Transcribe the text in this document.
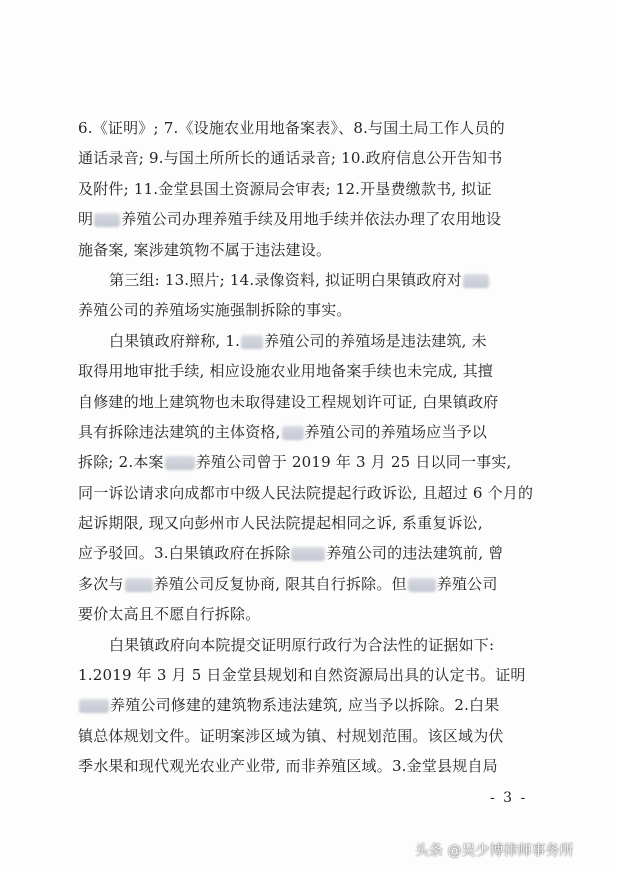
6.《证明》; 7.《设施农业用地备案表》、8.与国土局工作人员的
通话录音; 9.与国土所所长的通话录音; 10.政府信息公开告知书
及附件; 11.金堂县国土资源局会审表; 12.开垦费缴款书, 拟证
明 养殖公司办理养殖手续及用地手续并依法办理了农用地设
施备案, 案涉建筑物不属于违法建设。
第三组: 13.照片; 14.录像资料, 拟证明白果镇政府对
养殖公司的养殖场实施强制拆除的事实。
白果镇政府辩称, 1. 养殖公司的养殖场是违法建筑, 未
取得用地审批手续, 相应设施农业用地备案手续也未完成, 其擅
自修建的地上建筑物也未取得建设工程规划许可证, 白果镇政府
具有拆除违法建筑的主体资格, 养殖公司的养殖场应当予以
拆除; 2.本案 养殖公司曾于 2019 年 3 月 25 日以同一事实,
同一诉讼请求向成都市中级人民法院提起行政诉讼, 且超过 6 个月的
起诉期限, 现又向彭州市人民法院提起相同之诉, 系重复诉讼,
应予驳回。3.白果镇政府在拆除 养殖公司的违法建筑前, 曾
多次与 养殖公司反复协商, 限其自行拆除。但 养殖公司
要价太高且不愿自行拆除。
白果镇政府向本院提交证明原行政行为合法性的证据如下:
1.2019 年 3 月 5 日金堂县规划和自然资源局出具的认定书。证明
养殖公司修建的建筑物系违法建筑, 应当予以拆除。2.白果
镇总体规划文件。证明案涉区域为镇、村规划范围。该区域为伏
季水果和现代观光农业产业带, 而非养殖区域。3.金堂县规自局
- 3 -
头条 @吴少博律师事务所
